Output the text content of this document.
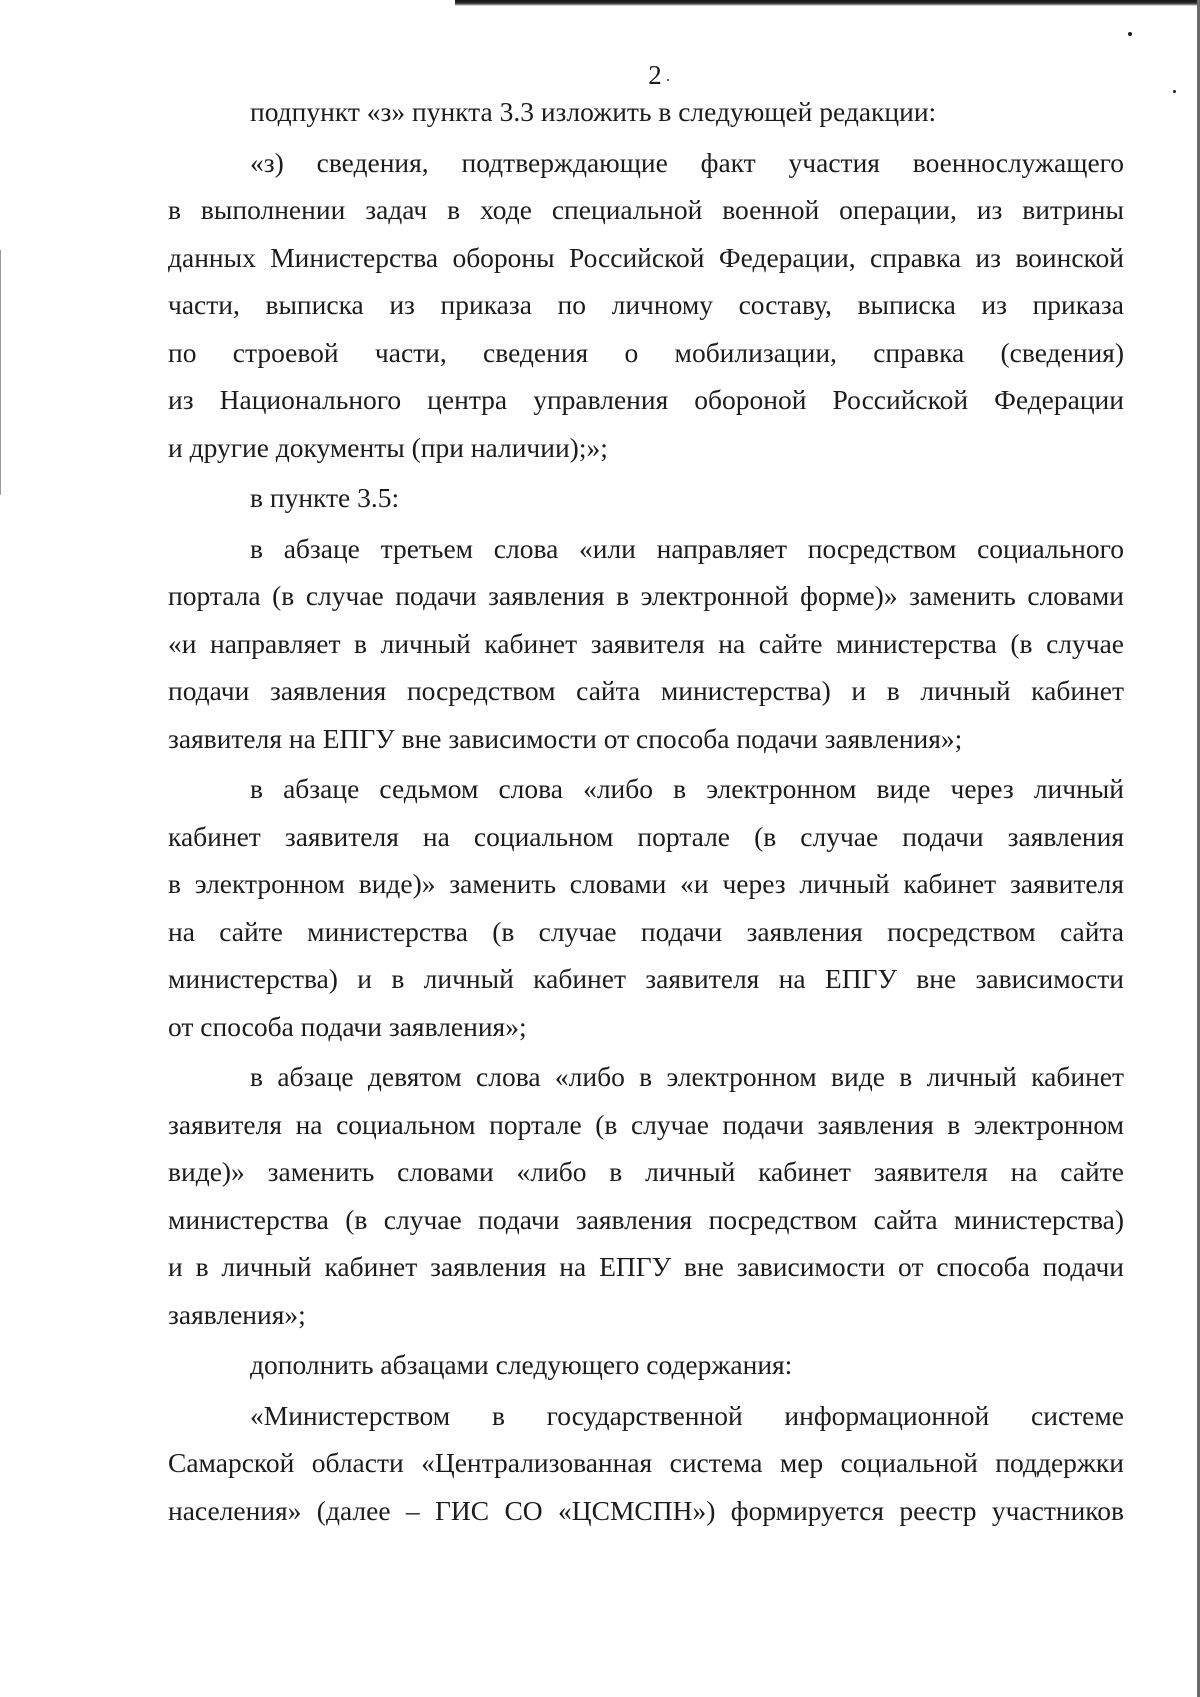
2
подпункт «з» пункта 3.3 изложить в следующей редакции:
«з) сведения, подтверждающие факт участия военнослужащего
в выполнении задач в ходе специальной военной операции, из витрины
данных Министерства обороны Российской Федерации, справка из воинской
части, выписка из приказа по личному составу, выписка из приказа
по строевой части, сведения о мобилизации, справка (сведения)
из Национального центра управления обороной Российской Федерации
и другие документы (при наличии);»;
в пункте 3.5:
в абзаце третьем слова «или направляет посредством социального
портала (в случае подачи заявления в электронной форме)» заменить словами
«и направляет в личный кабинет заявителя на сайте министерства (в случае
подачи заявления посредством сайта министерства) и в личный кабинет
заявителя на ЕПГУ вне зависимости от способа подачи заявления»;
в абзаце седьмом слова «либо в электронном виде через личный
кабинет заявителя на социальном портале (в случае подачи заявления
в электронном виде)» заменить словами «и через личный кабинет заявителя
на сайте министерства (в случае подачи заявления посредством сайта
министерства) и в личный кабинет заявителя на ЕПГУ вне зависимости
от способа подачи заявления»;
в абзаце девятом слова «либо в электронном виде в личный кабинет
заявителя на социальном портале (в случае подачи заявления в электронном
виде)» заменить словами «либо в личный кабинет заявителя на сайте
министерства (в случае подачи заявления посредством сайта министерства)
и в личный кабинет заявления на ЕПГУ вне зависимости от способа подачи
заявления»;
дополнить абзацами следующего содержания:
«Министерством в государственной информационной системе
Самарской области «Централизованная система мер социальной поддержки
населения» (далее – ГИС СО «ЦСМСПН») формируется реестр участников
